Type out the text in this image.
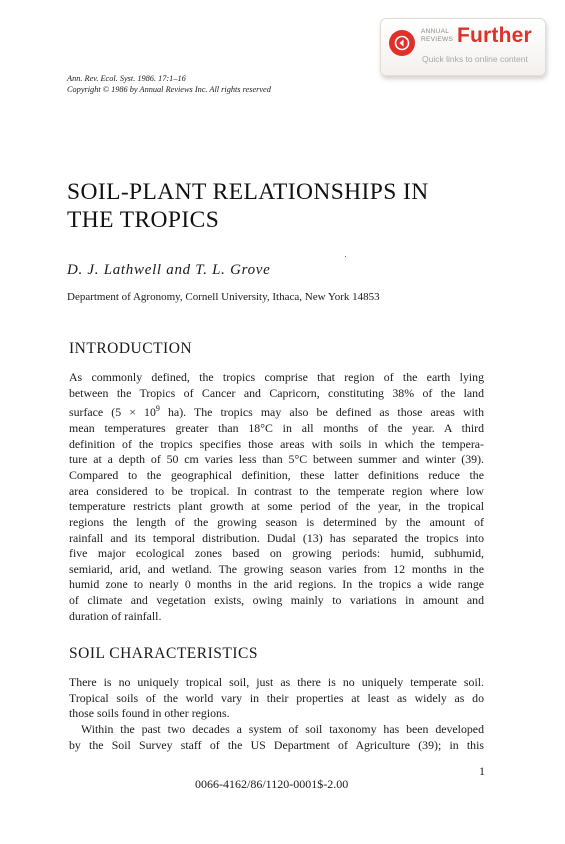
ANNUAL REVIEWS Further
Quick links to online content
Ann. Rev. Ecol. Syst. 1986. 17:1–16
Copyright © 1986 by Annual Reviews Inc. All rights reserved
SOIL-PLANT RELATIONSHIPS IN
THE TROPICS
D. J. Lathwell and T. L. Grove
Department of Agronomy, Cornell University, Ithaca, New York 14853
INTRODUCTION
As commonly defined, the tropics comprise that region of the earth lying
between the Tropics of Cancer and Capricorn, constituting 38% of the land
surface ($5 \times 10^9$ ha). The tropics may also be defined as those areas with
mean temperatures greater than 18°C in all months of the year. A third
definition of the tropics specifies those areas with soils in which the tempera-
ture at a depth of 50 cm varies less than 5°C between summer and winter (39).
Compared to the geographical definition, these latter definitions reduce the
area considered to be tropical. In contrast to the temperate region where low
temperature restricts plant growth at some period of the year, in the tropical
regions the length of the growing season is determined by the amount of
rainfall and its temporal distribution. Dudal (13) has separated the tropics into
five major ecological zones based on growing periods: humid, subhumid,
semiarid, arid, and wetland. The growing season varies from 12 months in the
humid zone to nearly 0 months in the arid regions. In the tropics a wide range
of climate and vegetation exists, owing mainly to variations in amount and
duration of rainfall.
SOIL CHARACTERISTICS
There is no uniquely tropical soil, just as there is no uniquely temperate soil.
Tropical soils of the world vary in their properties at least as widely as do
those soils found in other regions.
Within the past two decades a system of soil taxonomy has been developed
by the Soil Survey staff of the US Department of Agriculture (39); in this
1
0066-4162/86/1120-0001$-2.00
